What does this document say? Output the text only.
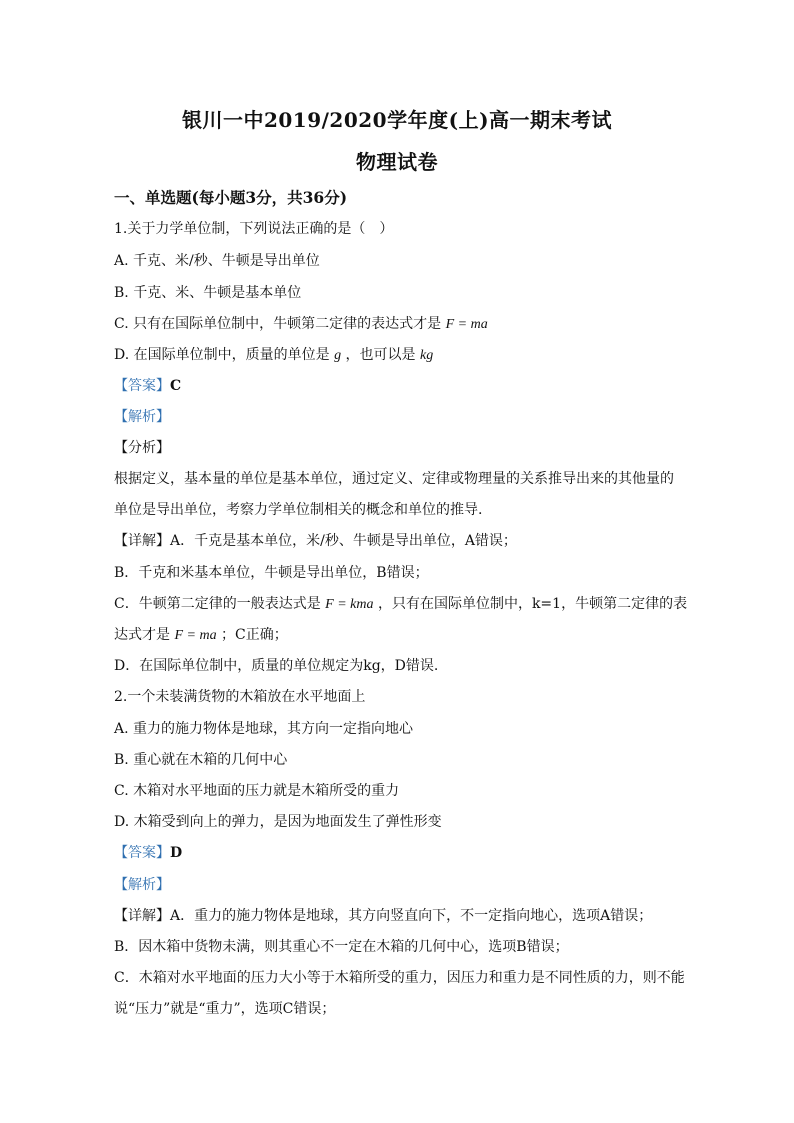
银川一中2019/2020学年度(上)高一期末考试
物理试卷
一、单选题(每小题3分，共36分)
1.关于力学单位制，下列说法正确的是（　）
A. 千克、米/秒、牛顿是导出单位
B. 千克、米、牛顿是基本单位
C. 只有在国际单位制中，牛顿第二定律的表达式才是 F = ma
D. 在国际单位制中，质量的单位是 g ，也可以是 kg
【答案】C
【解析】
【分析】
根据定义，基本量的单位是基本单位，通过定义、定律或物理量的关系推导出来的其他量的
单位是导出单位，考察力学单位制相关的概念和单位的推导.
【详解】A．千克是基本单位，米/秒、牛顿是导出单位，A错误；
B．千克和米基本单位，牛顿是导出单位，B错误；
C．牛顿第二定律的一般表达式是 F = kma ，只有在国际单位制中，k=1，牛顿第二定律的表
达式才是 F = ma ；C正确；
D．在国际单位制中，质量的单位规定为kg，D错误.
2.一个未装满货物的木箱放在水平地面上
A. 重力的施力物体是地球，其方向一定指向地心
B. 重心就在木箱的几何中心
C. 木箱对水平地面的压力就是木箱所受的重力
D. 木箱受到向上的弹力，是因为地面发生了弹性形变
【答案】D
【解析】
【详解】A．重力的施力物体是地球，其方向竖直向下，不一定指向地心，选项A错误；
B．因木箱中货物未满，则其重心不一定在木箱的几何中心，选项B错误；
C．木箱对水平地面的压力大小等于木箱所受的重力，因压力和重力是不同性质的力，则不能
说“压力”就是“重力”，选项C错误；
